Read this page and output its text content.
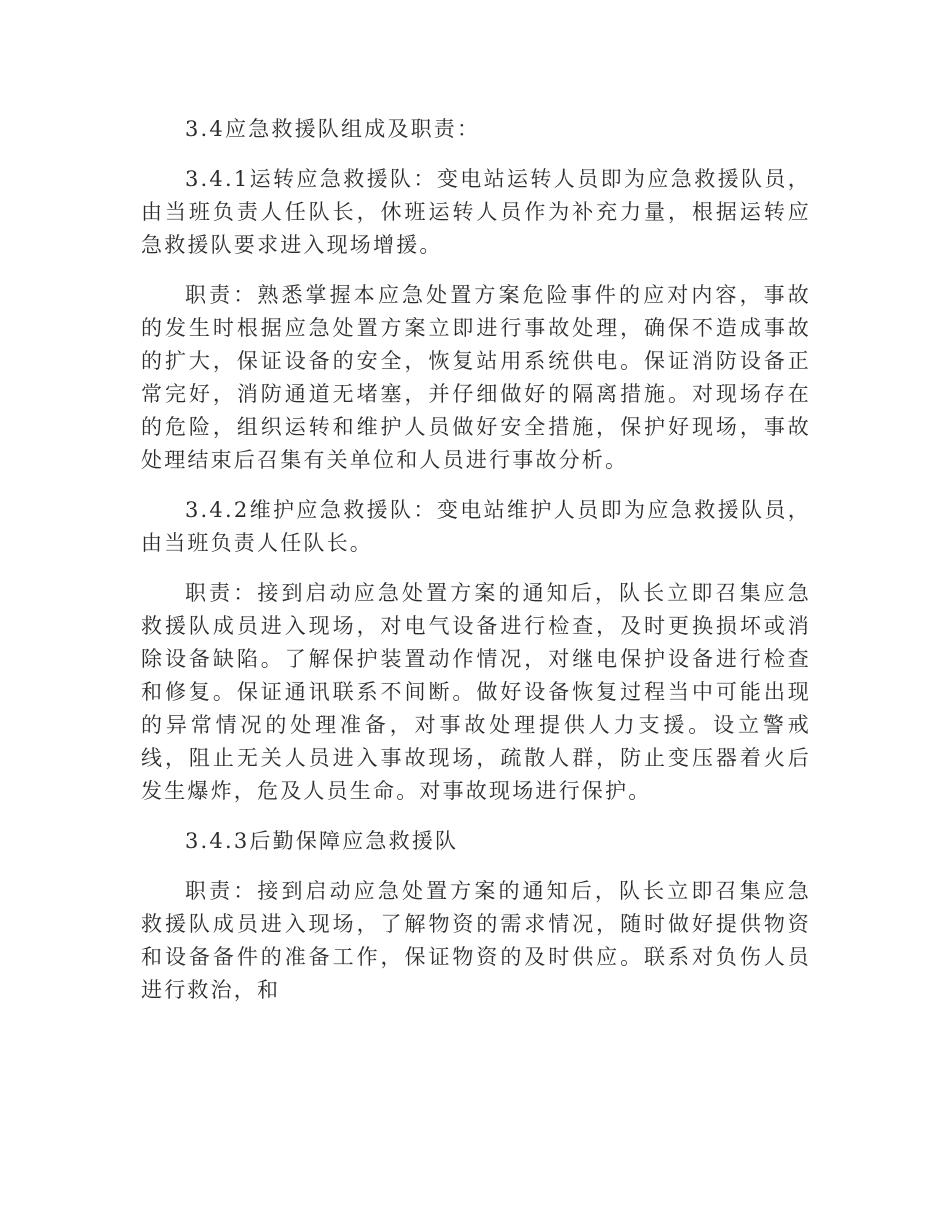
3.4应急救援队组成及职责：

3.4.1运转应急救援队：变电站运转人员即为应急救援队员，由当班负责人任队长，休班运转人员作为补充力量，根据运转应急救援队要求进入现场增援。

职责：熟悉掌握本应急处置方案危险事件的应对内容，事故的发生时根据应急处置方案立即进行事故处理，确保不造成事故的扩大，保证设备的安全，恢复站用系统供电。保证消防设备正常完好，消防通道无堵塞，并仔细做好的隔离措施。对现场存在的危险，组织运转和维护人员做好安全措施，保护好现场，事故处理结束后召集有关单位和人员进行事故分析。

3.4.2维护应急救援队：变电站维护人员即为应急救援队员，由当班负责人任队长。

职责：接到启动应急处置方案的通知后，队长立即召集应急救援队成员进入现场，对电气设备进行检查，及时更换损坏或消除设备缺陷。了解保护装置动作情况，对继电保护设备进行检查和修复。保证通讯联系不间断。做好设备恢复过程当中可能出现的异常情况的处理准备，对事故处理提供人力支援。设立警戒线，阻止无关人员进入事故现场，疏散人群，防止变压器着火后发生爆炸，危及人员生命。对事故现场进行保护。

3.4.3后勤保障应急救援队

职责：接到启动应急处置方案的通知后，队长立即召集应急救援队成员进入现场，了解物资的需求情况，随时做好提供物资和设备备件的准备工作，保证物资的及时供应。联系对负伤人员进行救治，和
